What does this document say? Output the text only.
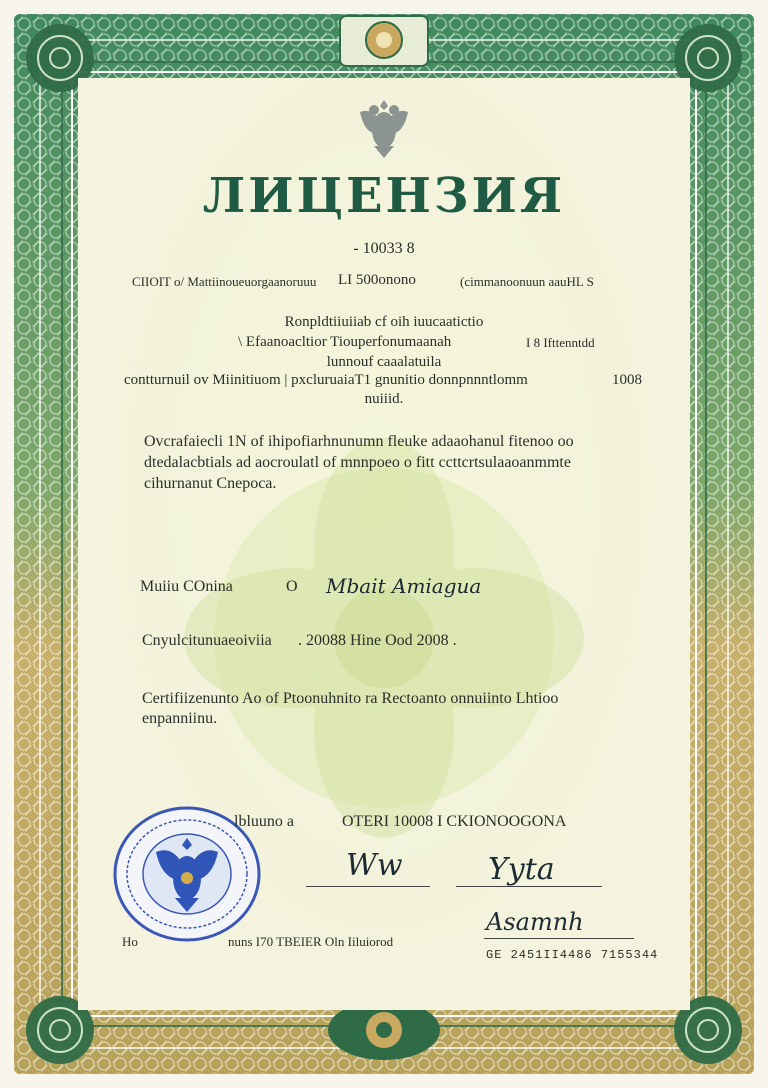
ЛИЦЕНЗИЯ
- 10033 8
CIIOIT o/ Mattiinoueuorgaanoruuu LI 500onono	(cimmanoonuun aauHL S
Ronpldtiiuiiab cf oih iuucaatictio
\ Efaanoacltior Tiouperfonumaanah	I 8 Ifttenntdd
lunnouf caaalatuila
contturnuil ov Miinitiuom | pxcluruaiaT1 gnunitio donnpnnntlomm	1008
nuiiid.
Ovcrafaiecli 1N of ihipofiarhnunumn fleuke adaaohanul fitenoo oo
dtedalacbtials ad aocroulatl of mnnpoeo o fitt ccttcrtsulaaoanmmte
cihurnanut Cnepoca.
Muiiu COnina	O Mbait Amiagua
Cnyulcitunuaeoiviia . 20088 Hine Ood 2008 .
Certifiizenunto Ao of Ptoonuhnito ra Rectoanto onnuiinto Lhtioo
enpanniinu.
lbluuno a	OTERI 10008 I CKIONOOGONA
Ww	Yyta
Asamnh
Ho	nuns I70 TBEIER Oln Iiluiorod
GE 2451II4486 7155344
